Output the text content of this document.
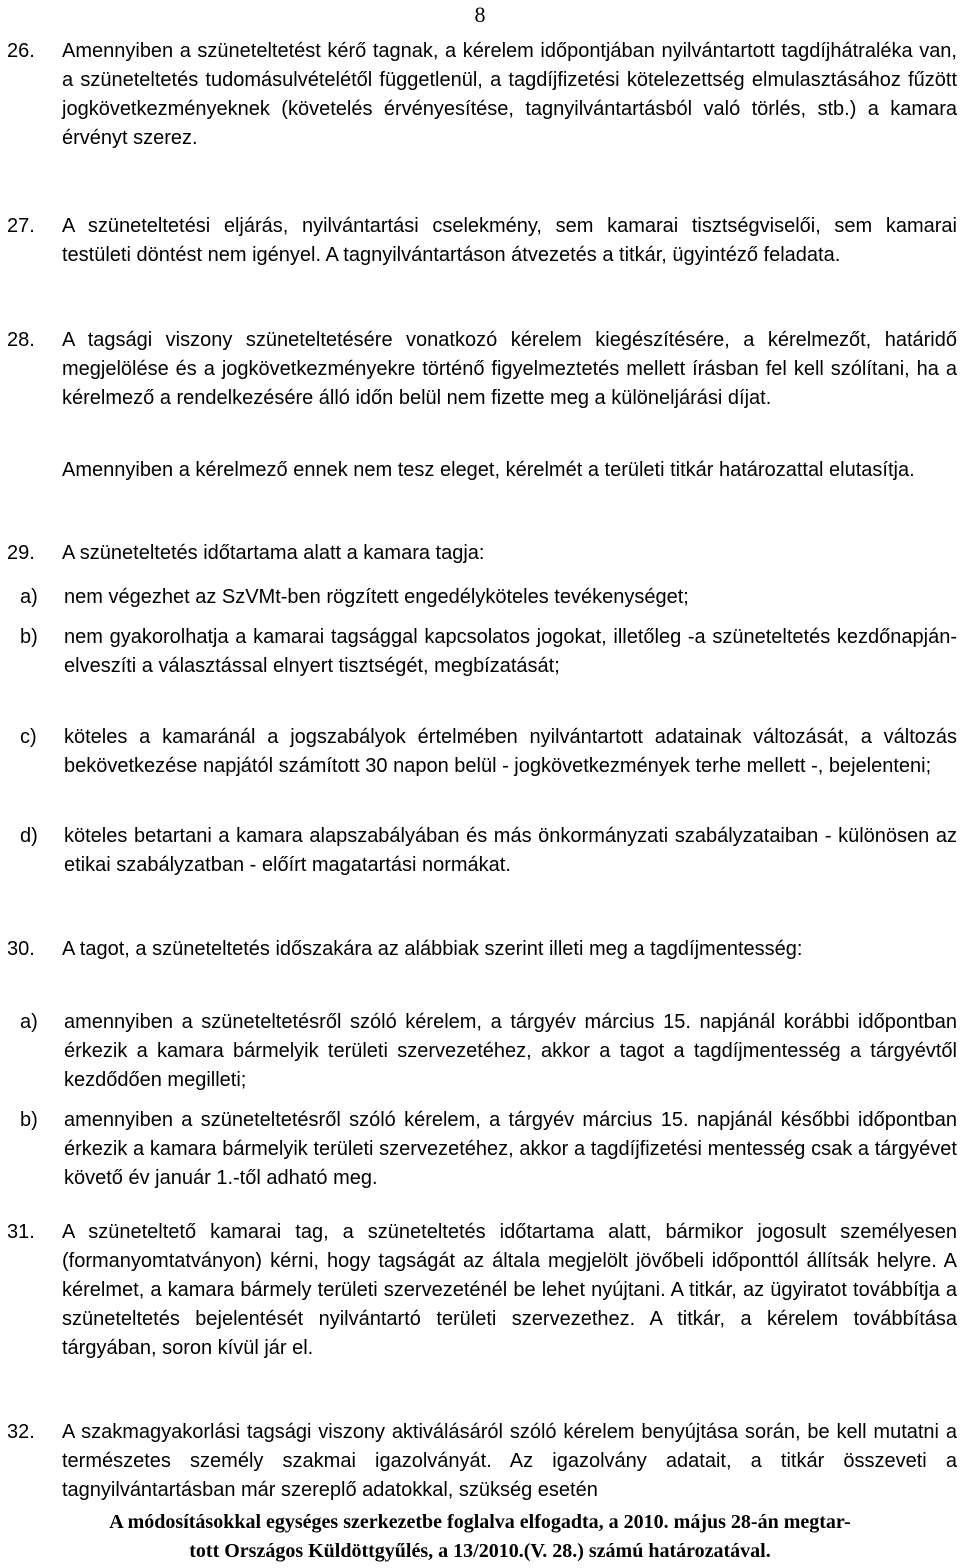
8
26. Amennyiben a szüneteltetést kérő tagnak, a kérelem időpontjában nyilvántartott tagdíjhátraléka van, a szüneteltetés tudomásulvételétől függetlenül, a tagdíjfizetési kötelezettség elmulasztásához fűzött jogkövetkezményeknek (követelés érvényesítése, tagnyilvántartásból való törlés, stb.) a kamara érvényt szerez.
27. A szüneteltetési eljárás, nyilvántartási cselekmény, sem kamarai tisztségviselői, sem kamarai testületi döntést nem igényel. A tagnyilvántartáson átvezetés a titkár, ügyintéző feladata.
28. A tagsági viszony szüneteltetésére vonatkozó kérelem kiegészítésére, a kérelmezőt, határidő megjelölése és a jogkövetkezményekre történő figyelmeztetés mellett írásban fel kell szólítani, ha a kérelmező a rendelkezésére álló időn belül nem fizette meg a különeljárási díjat.
Amennyiben a kérelmező ennek nem tesz eleget, kérelmét a területi titkár határozattal elutasítja.
29. A szüneteltetés időtartama alatt a kamara tagja:
a) nem végezhet az SzVMt-ben rögzített engedélyköteles tevékenységet;
b) nem gyakorolhatja a kamarai tagsággal kapcsolatos jogokat, illetőleg -a szüneteltetés kezdőnapján- elveszíti a választással elnyert tisztségét, megbízatását;
c) köteles a kamaránál a jogszabályok értelmében nyilvántartott adatainak változását, a változás bekövetkezése napjától számított 30 napon belül - jogkövetkezmények terhe mellett -, bejelenteni;
d) köteles betartani a kamara alapszabályában és más önkormányzati szabályzataiban - különösen az etikai szabályzatban - előírt magatartási normákat.
30. A tagot, a szüneteltetés időszakára az alábbiak szerint illeti meg a tagdíjmentesség:
a) amennyiben a szüneteltetésről szóló kérelem, a tárgyév március 15. napjánál korábbi időpontban érkezik a kamara bármelyik területi szervezetéhez, akkor a tagot a tagdíjmentesség a tárgyévtől kezdődően megilleti;
b) amennyiben a szüneteltetésről szóló kérelem, a tárgyév március 15. napjánál későbbi időpontban érkezik a kamara bármelyik területi szervezetéhez, akkor a tagdíjfizetési mentesség csak a tárgyévet követő év január 1.-től adható meg.
31. A szüneteltető kamarai tag, a szüneteltetés időtartama alatt, bármikor jogosult személyesen (formanyomtatványon) kérni, hogy tagságát az általa megjelölt jövőbeli időponttól állítsák helyre. A kérelmet, a kamara bármely területi szervezeténél be lehet nyújtani. A titkár, az ügyiratot továbbítja a szüneteltetés bejelentését nyilvántartó területi szervezethez. A titkár, a kérelem továbbítása tárgyában, soron kívül jár el.
32. A szakmagyakorlási tagsági viszony aktiválásáról szóló kérelem benyújtása során, be kell mutatni a természetes személy szakmai igazolványát. Az igazolvány adatait, a titkár összeveti a tagnyilvántartásban már szereplő adatokkal, szükség esetén
A módosításokkal egységes szerkezetbe foglalva elfogadta, a 2010. május 28-án megtar-
tott Országos Küldöttgyűlés, a 13/2010.(V. 28.) számú határozatával.
